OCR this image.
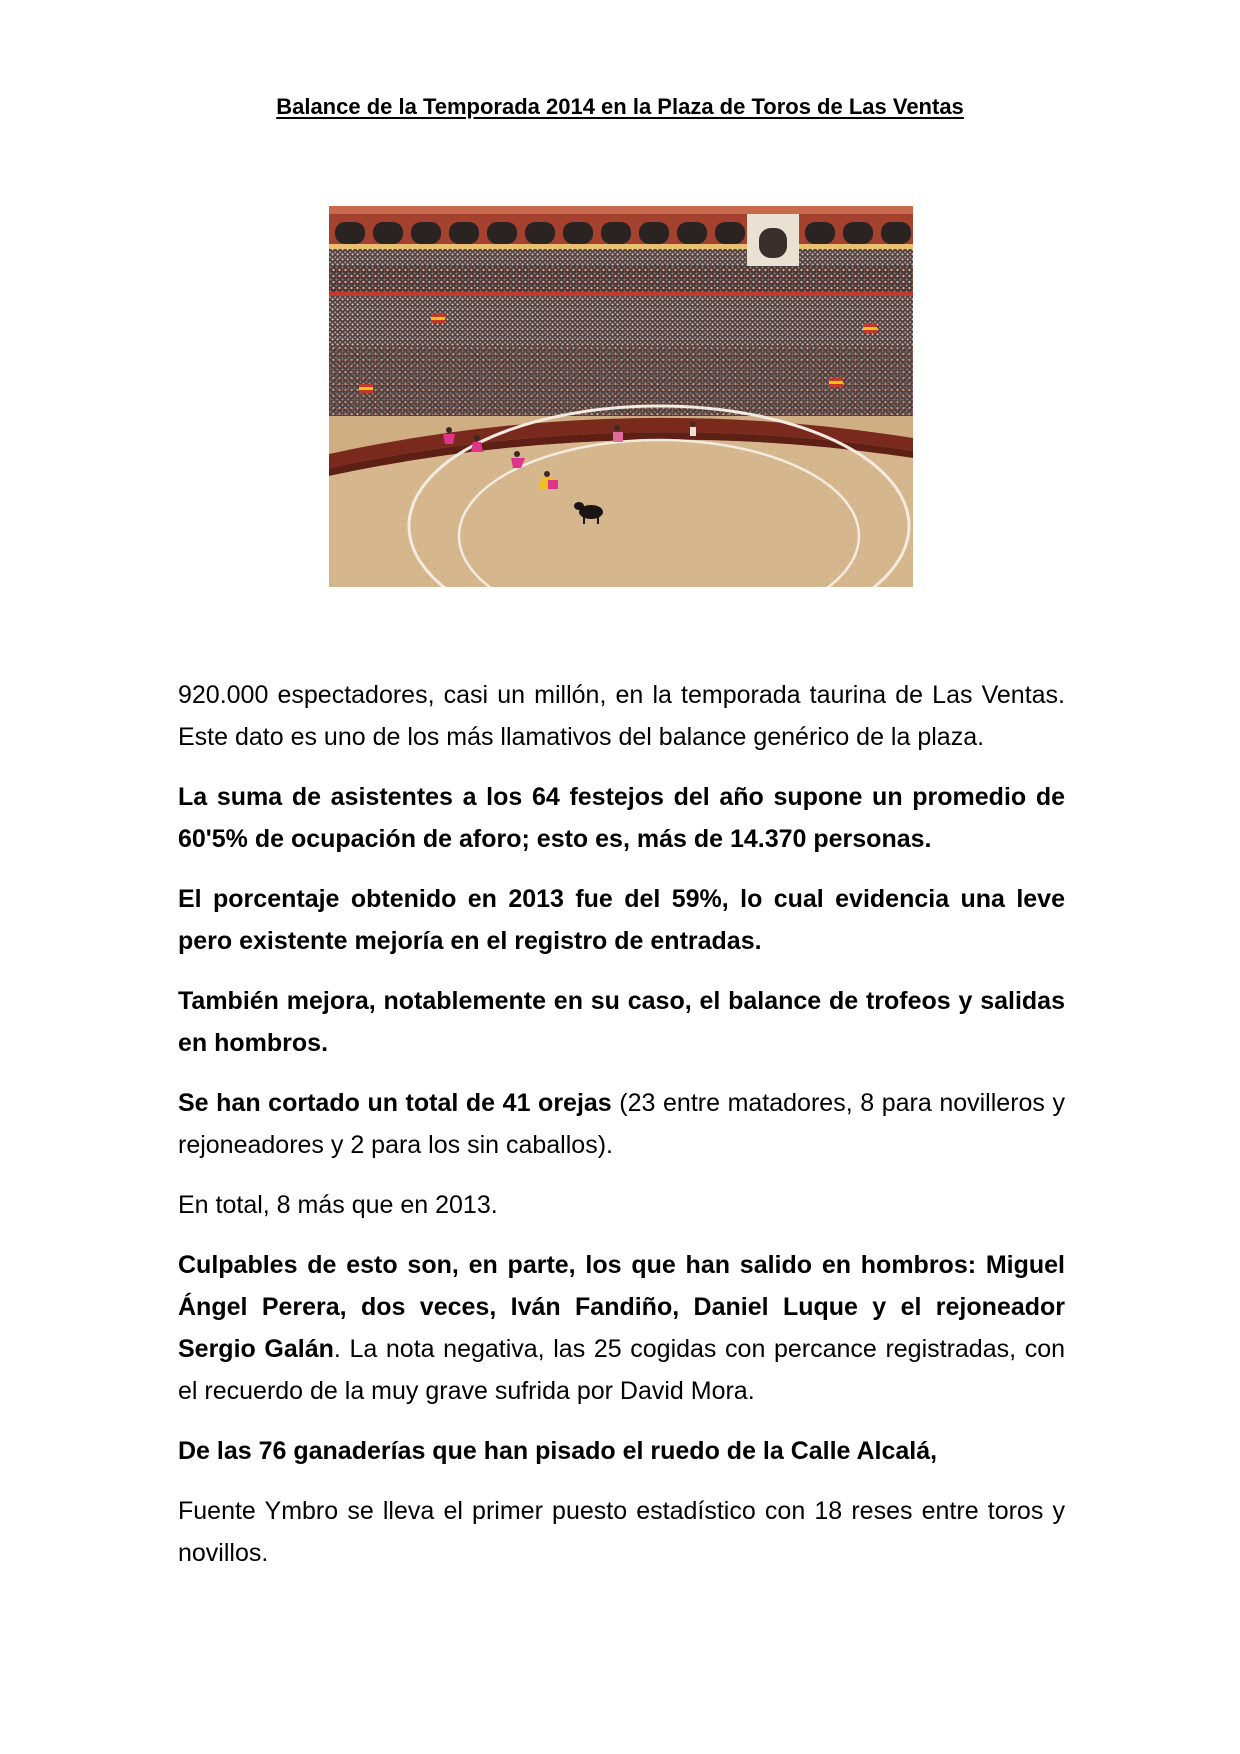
Balance de la Temporada 2014 en la Plaza de Toros de Las Ventas

920.000 espectadores, casi un millón, en la temporada taurina de Las Ventas. Este dato es uno de los más llamativos del balance genérico de la plaza.

La suma de asistentes a los 64 festejos del año supone un promedio de 60'5% de ocupación de aforo; esto es, más de 14.370 personas.

El porcentaje obtenido en 2013 fue del 59%, lo cual evidencia una leve pero existente mejoría en el registro de entradas.

También mejora, notablemente en su caso, el balance de trofeos y salidas en hombros.

Se han cortado un total de 41 orejas (23 entre matadores, 8 para novilleros y rejoneadores y 2 para los sin caballos).

En total, 8 más que en 2013.

Culpables de esto son, en parte, los que han salido en hombros: Miguel Ángel Perera, dos veces, Iván Fandiño, Daniel Luque y el rejoneador Sergio Galán. La nota negativa, las 25 cogidas con percance registradas, con el recuerdo de la muy grave sufrida por David Mora.

De las 76 ganaderías que han pisado el ruedo de la Calle Alcalá,

Fuente Ymbro se lleva el primer puesto estadístico con 18 reses entre toros y novillos.
